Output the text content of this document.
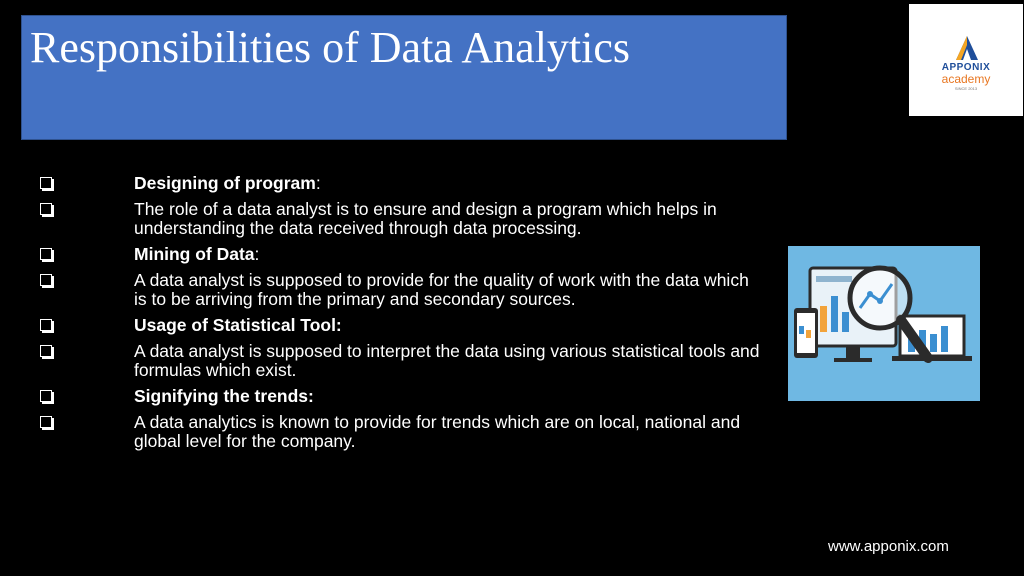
Responsibilities of Data Analytics	APPONIX
academy
SINCE 2013
Designing of program:
The role of a data analyst is to ensure and design a program which helps in understanding the data received through data processing.
Mining of Data:
A data analyst is supposed to provide for the quality of work with the data which is to be arriving from the primary and secondary sources.
Usage of Statistical Tool:
A data analyst is supposed to interpret the data using various statistical tools and formulas which exist.
Signifying the trends:
A data analytics is known to provide for trends which are on local, national and global level for the company.
www.apponix.com
